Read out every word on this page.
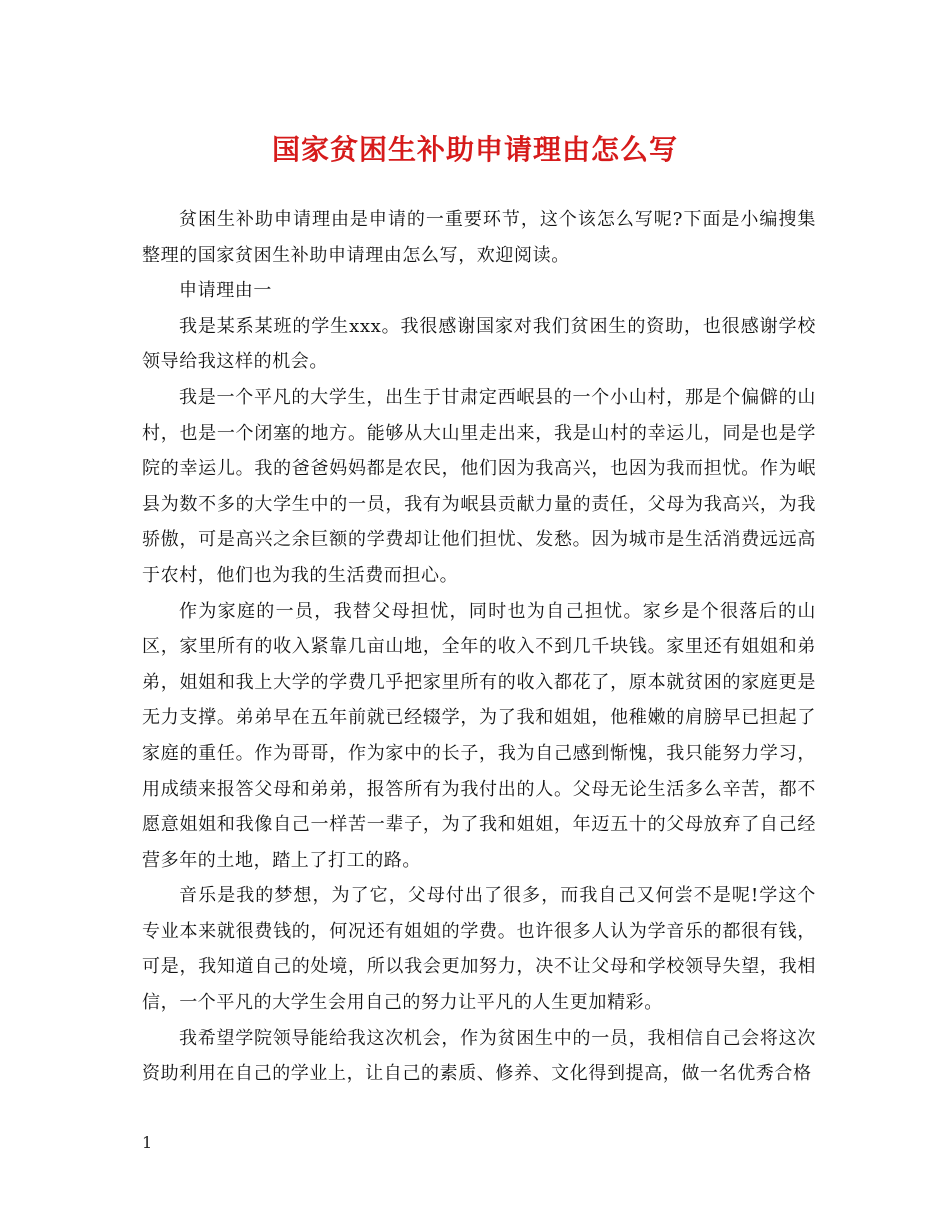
国家贫困生补助申请理由怎么写

贫困生补助申请理由是申请的一重要环节，这个该怎么写呢?下面是小编搜集整理的国家贫困生补助申请理由怎么写，欢迎阅读。

申请理由一

我是某系某班的学生xxx。我很感谢国家对我们贫困生的资助，也很感谢学校领导给我这样的机会。

我是一个平凡的大学生，出生于甘肃定西岷县的一个小山村，那是个偏僻的山村，也是一个闭塞的地方。能够从大山里走出来，我是山村的幸运儿，同是也是学院的幸运儿。我的爸爸妈妈都是农民，他们因为我高兴，也因为我而担忧。作为岷县为数不多的大学生中的一员，我有为岷县贡献力量的责任，父母为我高兴，为我骄傲，可是高兴之余巨额的学费却让他们担忧、发愁。因为城市是生活消费远远高于农村，他们也为我的生活费而担心。

作为家庭的一员，我替父母担忧，同时也为自己担忧。家乡是个很落后的山区，家里所有的收入紧靠几亩山地，全年的收入不到几千块钱。家里还有姐姐和弟弟，姐姐和我上大学的学费几乎把家里所有的收入都花了，原本就贫困的家庭更是无力支撑。弟弟早在五年前就已经辍学，为了我和姐姐，他稚嫩的肩膀早已担起了家庭的重任。作为哥哥，作为家中的长子，我为自己感到惭愧，我只能努力学习，用成绩来报答父母和弟弟，报答所有为我付出的人。父母无论生活多么辛苦，都不愿意姐姐和我像自己一样苦一辈子，为了我和姐姐，年迈五十的父母放弃了自己经营多年的土地，踏上了打工的路。

音乐是我的梦想，为了它，父母付出了很多，而我自己又何尝不是呢!学这个专业本来就很费钱的，何况还有姐姐的学费。也许很多人认为学音乐的都很有钱，可是，我知道自己的处境，所以我会更加努力，决不让父母和学校领导失望，我相信，一个平凡的大学生会用自己的努力让平凡的人生更加精彩。

我希望学院领导能给我这次机会，作为贫困生中的一员，我相信自己会将这次资助利用在自己的学业上，让自己的素质、修养、文化得到提高，做一名优秀合格

1
